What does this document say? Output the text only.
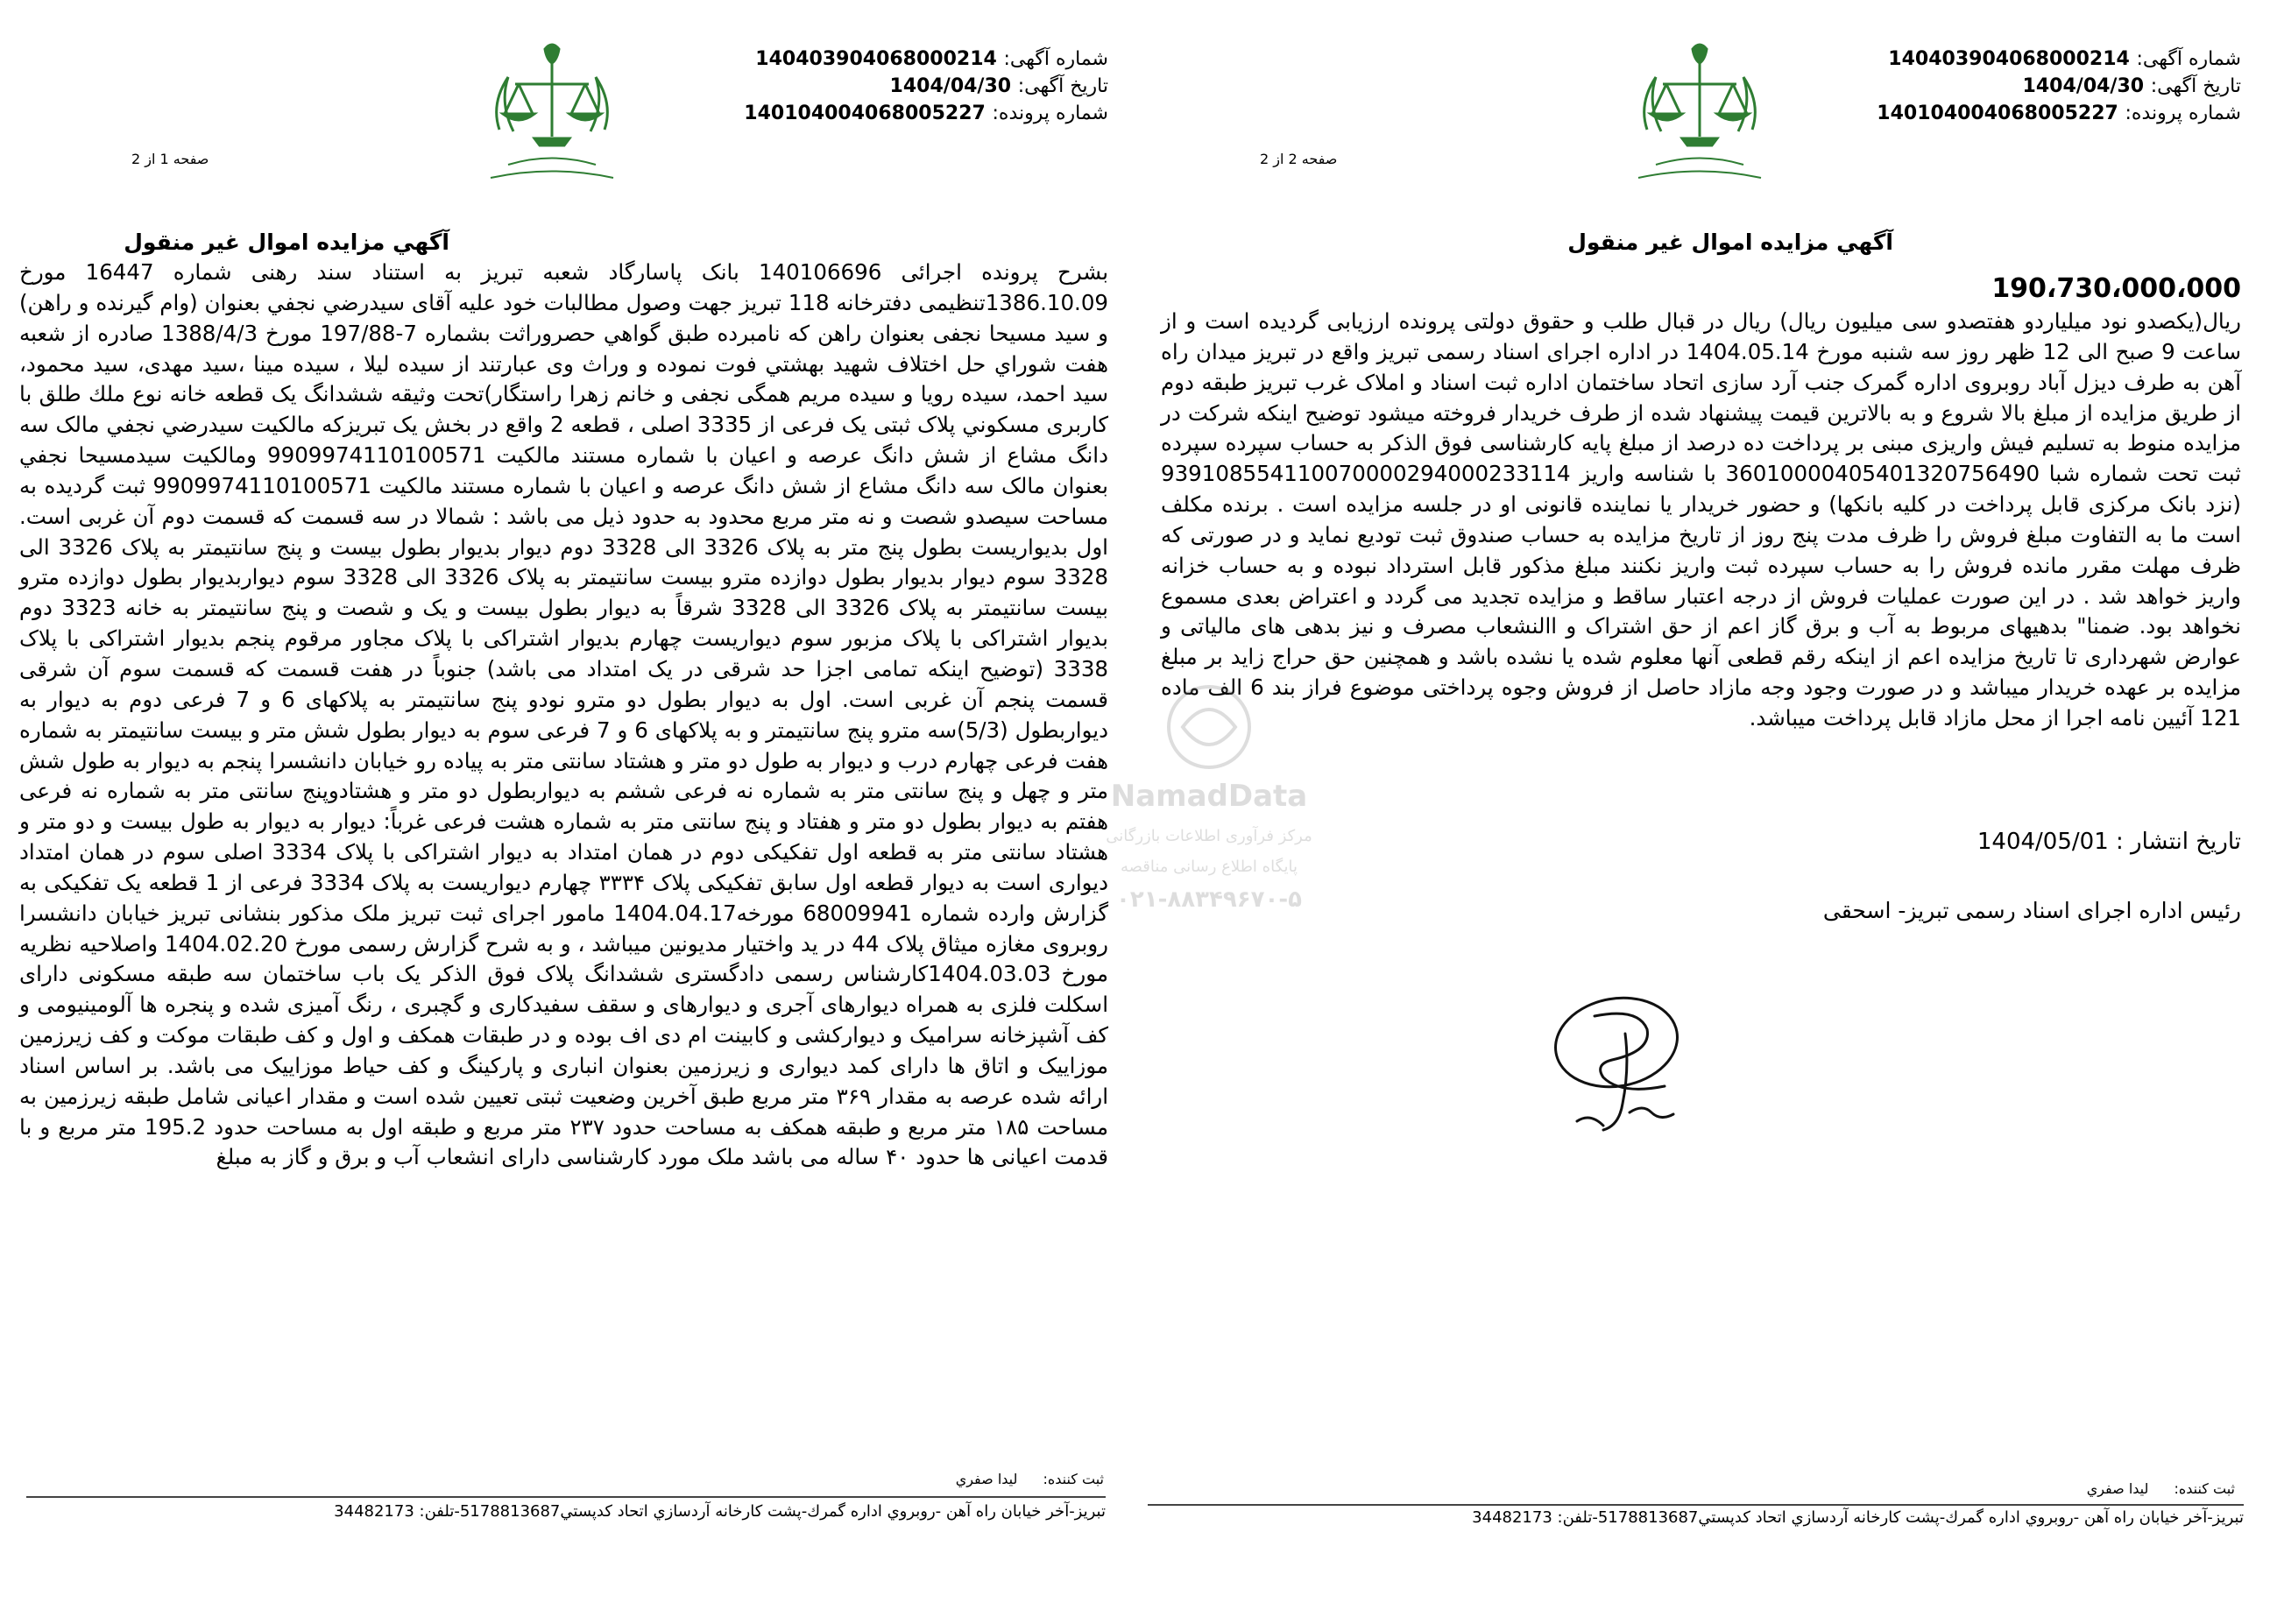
شماره آگهی: 140403904068000214
تاریخ آگهی: 1404/04/30
شماره پرونده: 140104004068005227
صفحه 1 از 2
آگهي مزايده اموال غير منقول
بشرح پرونده اجرائی 140106696 بانک پاسارگاد شعبه تبریز به استناد سند رهنی شماره 16447 مورخ 1386.10.09تنظیمی دفترخانه 118 تبریز جهت وصول مطالبات خود علیه آقای سیدرضي نجفي بعنوان (وام گيرنده و راهن) و سيد مسيحا نجفی بعنوان راهن که نامبرده طبق گواهي حصروراثت بشماره 7-197/88 مورخ 1388/4/3 صادره از شعبه هفت شوراي حل اختلاف شهيد بهشتي فوت نموده و وراث وی عبارتند از سيده ليلا ، سيده مينا ،سيد مهدی، سيد محمود، سيد احمد، سيده رويا و سيده مريم همگی نجفی و خانم زهرا راستگار)تحت وثيقه ششدانگ یک قطعه خانه نوع ملك طلق با کاربری مسكوني پلاک ثبتی یک فرعی از 3335 اصلی ، قطعه 2 واقع در بخش یک تبریزكه مالكيت سيدرضي نجفي مالک سه دانگ مشاع از شش دانگ عرصه و اعيان با شماره مستند مالكيت 9909974110100571 ومالكيت سيدمسيحا نجفي بعنوان مالک سه دانگ مشاع از شش دانگ عرصه و اعيان با شماره مستند مالكيت 9909974110100571 ثبت گرديده به مساحت سیصدو شصت و نه متر مربع محدود به حدود ذیل می باشد : شمالا در سه قسمت که قسمت دوم آن غربی است. اول بدیواریست بطول پنج متر به پلاک 3326 الی 3328 دوم دیوار بدیوار بطول بیست و پنج سانتیمتر به پلاک 3326 الی 3328 سوم دیوار بدیوار بطول دوازده مترو بیست سانتیمتر به پلاک 3326 الی 3328 سوم دیواربدیوار بطول دوازده مترو بیست سانتیمتر به پلاک 3326 الی 3328 شرقاً به دیوار بطول بیست و یک و شصت و پنج سانتیمتر به خانه 3323 دوم بدیوار اشتراکی با پلاک مزبور سوم دیواریست چهارم بدیوار اشتراکی با پلاک مجاور مرقوم پنجم بدیوار اشتراکی با پلاک 3338 (توضیح اینکه تمامی اجزا حد شرقی در یک امتداد می باشد) جنوباً در هفت قسمت که قسمت سوم آن شرقی قسمت پنجم آن غربی است. اول به دیوار بطول دو مترو نودو پنج سانتیمتر به پلاکهای 6 و 7 فرعی دوم به دیوار به دیواربطول (5/3)سه مترو پنج سانتیمتر و به پلاکهای 6 و 7 فرعی سوم به دیوار بطول شش متر و بیست سانتیمتر به شماره هفت فرعی چهارم درب و دیوار به طول دو متر و هشتاد سانتی متر به پیاده رو خیابان دانشسرا پنجم به دیوار به طول شش متر و چهل و پنج سانتی متر به شماره نه فرعی ششم به دیواربطول دو متر و هشتادوپنج سانتی متر به شماره نه فرعی هفتم به دیوار بطول دو متر و هفتاد و پنج سانتی متر به شماره هشت فرعی غرباً: دیوار به دیوار به طول بیست و دو متر و هشتاد سانتی متر به قطعه اول تفکیکی دوم در همان امتداد به دیوار اشتراکی با پلاک 3334 اصلی سوم در همان امتداد دیواری است به دیوار قطعه اول سابق تفکیکی پلاک ۳۳۳۴ چهارم دیواریست به پلاک 3334 فرعی از 1 قطعه یک تفکیکی به گزارش وارده شماره 68009941 مورخه1404.04.17 مامور اجرای ثبت تبریز ملک مذکور بنشانی تبریز خیابان دانشسرا روبروی مغازه میثاق پلاک 44 در ید واختیار مدیونین میباشد ، و به شرح گزارش رسمی مورخ 1404.02.20 واصلاحیه نظریه مورخ 1404.03.03کارشناس رسمی دادگستری ششدانگ پلاک فوق الذکر یک باب ساختمان سه طبقه مسکونی دارای اسکلت فلزی به همراه دیوارهای آجری و دیوارهای و سقف سفیدکاری و گچبری ، رنگ آمیزی شده و پنجره ها آلومینیومی و کف آشپزخانه سرامیک و دیوارکشی و کابینت ام دی اف بوده و در طبقات همکف و اول و کف طبقات موکت و کف زیرزمین موزاییک و اتاق ها دارای کمد دیواری و زیرزمین بعنوان انباری و پارکینگ و کف حیاط موزاییک می باشد. بر اساس اسناد ارائه شده عرصه به مقدار ۳۶۹ متر مربع طبق آخرین وضعیت ثبتی تعیین شده است و مقدار اعیانی شامل طبقه زیرزمین به مساحت ۱۸۵ متر مربع و طبقه همکف به مساحت حدود ۲۳۷ متر مربع و طبقه اول به مساحت حدود 195.2 متر مربع و با قدمت اعیانی ها حدود ۴۰ ساله می باشد ملک مورد کارشناسی دارای انشعاب آب و برق و گاز به مبلغ
ثبت كننده: ليدا صفري
تبريز-آخر خيابان راه آهن -روبروي اداره گمرك-پشت كارخانه آردسازي اتحاد كدپستي5178813687-تلفن: 34482173
شماره آگهی: 140403904068000214
تاریخ آگهی: 1404/04/30
شماره پرونده: 140104004068005227
صفحه 2 از 2
آگهي مزايده اموال غير منقول
190،730،000،000
ريال(یکصدو نود میلیاردو هفتصدو سی میلیون ریال) ريال در قبال طلب و حقوق دولتی پرونده ارزیابی گردیده است و از ساعت 9 صبح الی 12 ظهر روز سه شنبه مورخ 1404.05.14 در اداره اجرای اسناد رسمی تبریز واقع در تبریز میدان راه آهن به طرف دیزل آباد روبروی اداره گمرک جنب آرد سازی اتحاد ساختمان اداره ثبت اسناد و املاک غرب تبریز طبقه دوم از طریق مزایده از مبلغ بالا شروع و به بالاترین قیمت پیشنهاد شده از طرف خریدار فروخته میشود توضیح اینکه شرکت در مزایده منوط به تسلیم فیش واریزی مبنی بر پرداخت ده درصد از مبلغ پایه کارشناسی فوق الذکر به حساب سپرده سپرده ثبت تحت شماره شبا 360100004054013207564​90 با شناسه واریز 939108554110070000294000233114 (نزد بانک مرکزی قابل پرداخت در کلیه بانکها) و حضور خریدار یا نماینده قانونی او در جلسه مزایده است . برنده مکلف است ما به التفاوت مبلغ فروش را ظرف مدت پنج روز از تاریخ مزایده به حساب صندوق ثبت تودیع نماید و در صورتی که ظرف مهلت مقرر مانده فروش را به حساب سپرده ثبت واریز نکنند مبلغ مذکور قابل استرداد نبوده و به حساب خزانه واریز خواهد شد . در این صورت عملیات فروش از درجه اعتبار ساقط و مزایده تجدید می گردد و اعتراض بعدی مسموع نخواهد بود. ضمنا" بدهیهای مربوط به آب و برق گاز اعم از حق اشتراک و االنشعاب مصرف و نیز بدهی های مالیاتی و عوارض شهرداری تا تاریخ مزایده اعم از اینکه رقم قطعی آنها معلوم شده یا نشده باشد و همچنین حق حراج زاید بر مبلغ مزایده بر عهده خریدار میباشد و در صورت وجود وجه مازاد حاصل از فروش وجوه پرداختی موضوع فراز بند 6 الف ماده 121 آئیین نامه اجرا از محل مازاد قابل پرداخت میباشد.
تاریخ انتشار : 1404/05/01
رئیس اداره اجرای اسناد رسمی تبریز- اسحقی
ثبت كننده: ليدا صفري
تبريز-آخر خيابان راه آهن -روبروي اداره گمرك-پشت كارخانه آردسازي اتحاد كدپستي5178813687-تلفن: 34482173
NamadData
مرکز فرآوری اطلاعات بازرگانی
پایگاه اطلاع رسانی مناقصه
۰۲۱-۸۸۳۴۹۶۷۰-۵
